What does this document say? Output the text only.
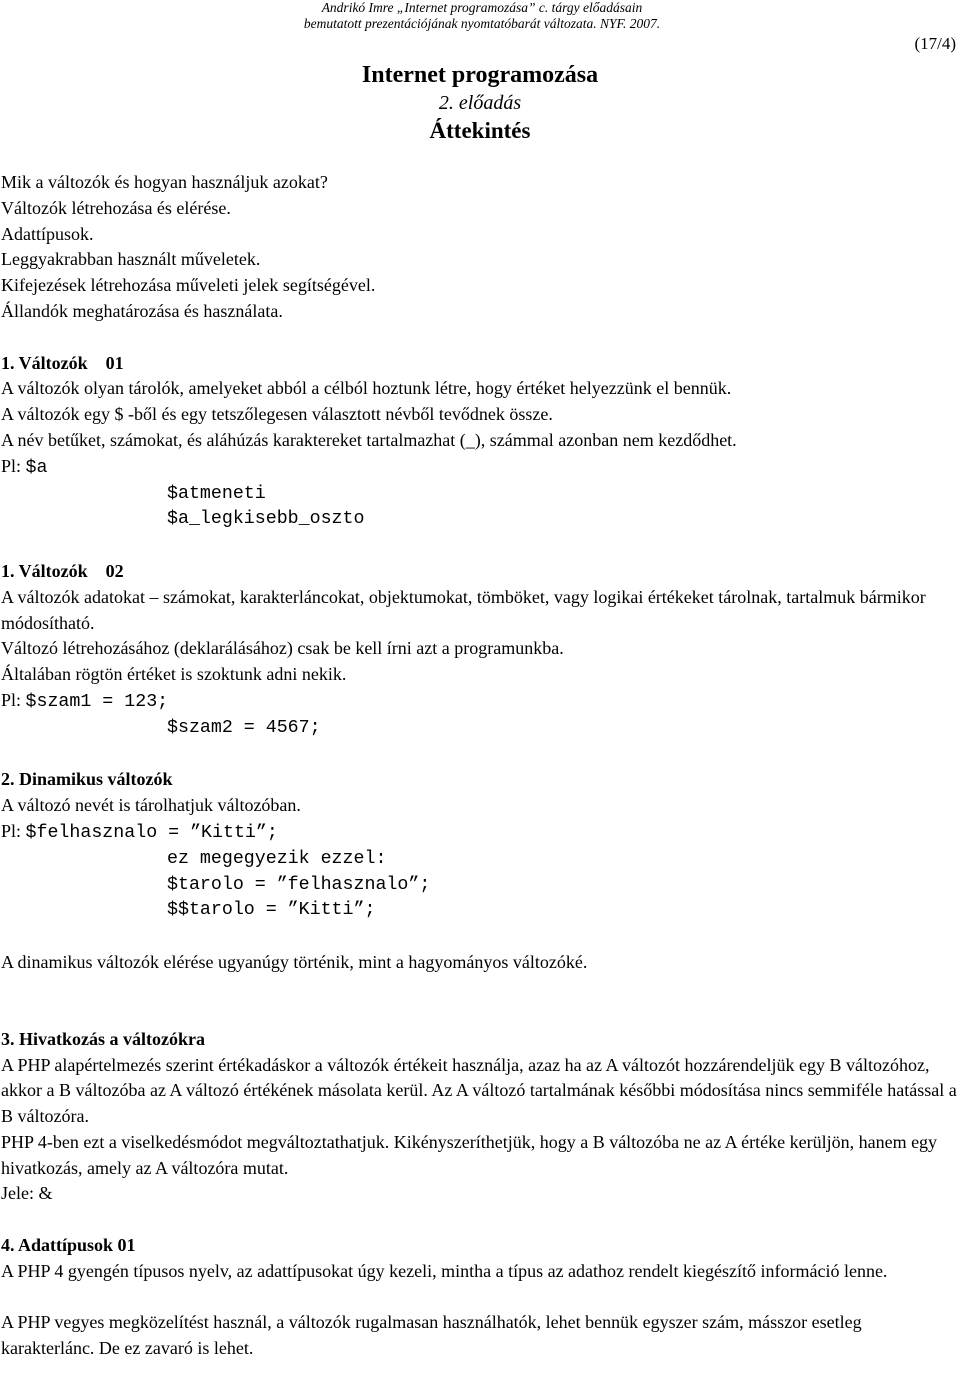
Andrikó Imre „Internet programozása” c. tárgy előadásain
bemutatott prezentációjának nyomtatóbarát változata. NYF. 2007.
(17/4)
Internet programozása
2. előadás
Áttekintés

Mik a változók és hogyan használjuk azokat?

Változók létrehozása és elérése.

Adattípusok.

Leggyakrabban használt műveletek.

Kifejezések létrehozása műveleti jelek segítségével.

Állandók meghatározása és használata.

1. Változók    01

A változók olyan tárolók, amelyeket abból a célból hoztunk létre, hogy értéket helyezzünk el bennük.

A változók egy $ -ből és egy tetszőlegesen választott névből tevődnek össze.

A név betűket, számokat, és aláhúzás karaktereket tartalmazhat (_), számmal azonban nem kezdődhet.

Pl: $a

$atmeneti

$a_legkisebb_oszto

1. Változók    02

A változók adatokat – számokat, karakterláncokat, objektumokat, tömböket, vagy logikai értékeket tárolnak, tartalmuk bármikor módosítható.

Változó létrehozásához (deklarálásához) csak be kell írni azt a programunkba.

Általában rögtön értéket is szoktunk adni nekik.

Pl: $szam1 = 123;

$szam2 = 4567;

2. Dinamikus változók

A változó nevét is tárolhatjuk változóban.

Pl: $felhasznalo = ”Kitti”;

ez megegyezik ezzel:

$tarolo = ”felhasznalo”;

$$tarolo = ”Kitti”;

A dinamikus változók elérése ugyanúgy történik, mint a hagyományos változóké.

3. Hivatkozás a változókra

A PHP alapértelmezés szerint értékadáskor a változók értékeit használja, azaz ha az A változót hozzárendeljük egy B változóhoz, akkor a B változóba az A változó értékének másolata kerül. Az A változó tartalmának későbbi módosítása nincs semmiféle hatással a B változóra.

PHP 4-ben ezt a viselkedésmódot megváltoztathatjuk. Kikényszeríthetjük, hogy a B változóba ne az A értéke kerüljön, hanem egy hivatkozás, amely az A változóra mutat.

Jele: &

4. Adattípusok 01

A PHP 4 gyengén típusos nyelv, az adattípusokat úgy kezeli, mintha a típus az adathoz rendelt kiegészítő információ lenne.

A PHP vegyes megközelítést használ, a változók rugalmasan használhatók, lehet bennük egyszer szám, másszor esetleg karakterlánc. De ez zavaró is lehet.
